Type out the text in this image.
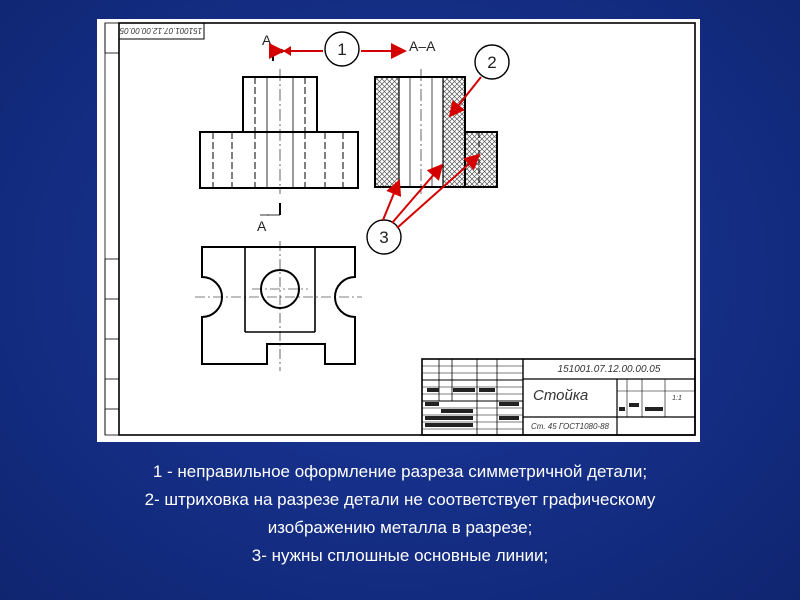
151001.07.12.00.00.05
А	А–А
1
2
3
А
151001.07.12.00.00.05
Стойка
Ст. 45 ГОСТ1080-88
1:1
1 - неправильное оформление разреза симметричной детали;
2- штриховка на разрезе детали не соответствует графическому
изображению металла в разрезе;
3- нужны сплошные основные линии;
